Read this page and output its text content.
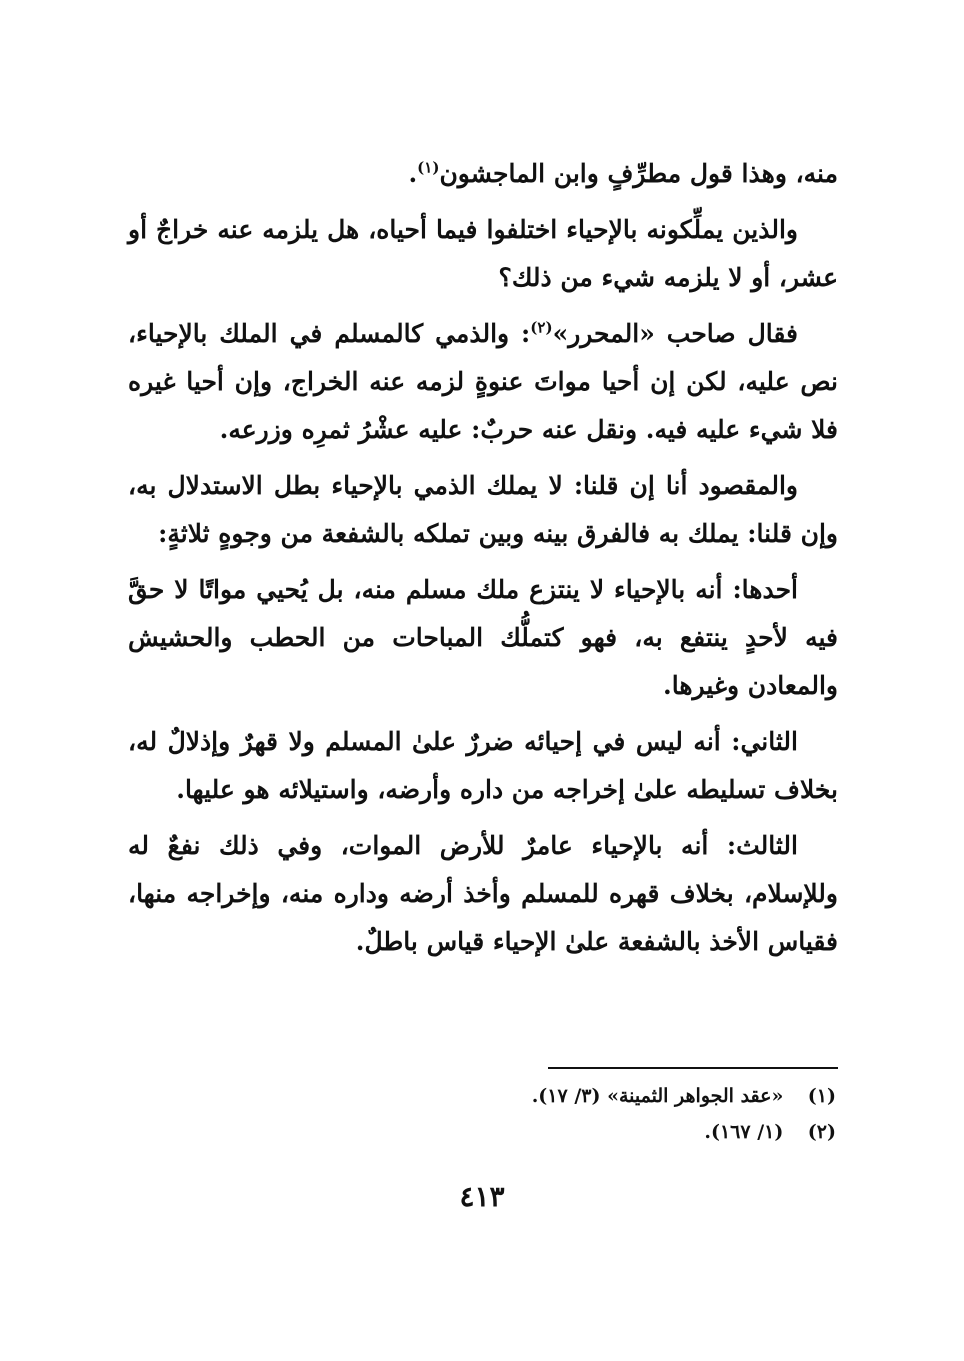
منه، وهذا قول مطرِّفٍ وابن الماجشون$^{(١)}$.

والذين يملِّكونه بالإحياء اختلفوا فيما أحياه، هل يلزمه عنه خراجٌ أو عشر، أو لا يلزمه شيء من ذلك؟

فقال صاحب «المحرر»$^{(٢)}$: والذمي كالمسلم في الملك بالإحياء، نص عليه، لكن إن أحيا مواتَ عنوةٍ لزمه عنه الخراج، وإن أحيا غيره فلا شيء عليه فيه. ونقل عنه حربٌ: عليه عشْرُ ثمرِه وزرعه.

والمقصود أنا إن قلنا: لا يملك الذمي بالإحياء بطل الاستدلال به، وإن قلنا: يملك به فالفرق بينه وبين تملكه بالشفعة من وجوهٍ ثلاثةٍ:

أحدها: أنه بالإحياء لا ينتزع ملك مسلم منه، بل يُحيي مواتًا لا حقَّ فيه لأحدٍ ينتفع به، فهو كتملُّك المباحات من الحطب والحشيش والمعادن وغيرها.

الثاني: أنه ليس في إحيائه ضررٌ علىٰ المسلم ولا قهرٌ وإذلالٌ له، بخلاف تسليطه علىٰ إخراجه من داره وأرضه، واستيلائه هو عليها.

الثالث: أنه بالإحياء عامرٌ للأرض الموات، وفي ذلك نفعٌ له وللإسلام، بخلاف قهره للمسلم وأخذ أرضه وداره منه، وإخراجه منها، فقياس الأخذ بالشفعة علىٰ الإحياء قياس باطلٌ.

(١) «عقد الجواهر الثمينة» (٣/ ١٧).
(٢) (١/ ١٦٧).
٤١٣
